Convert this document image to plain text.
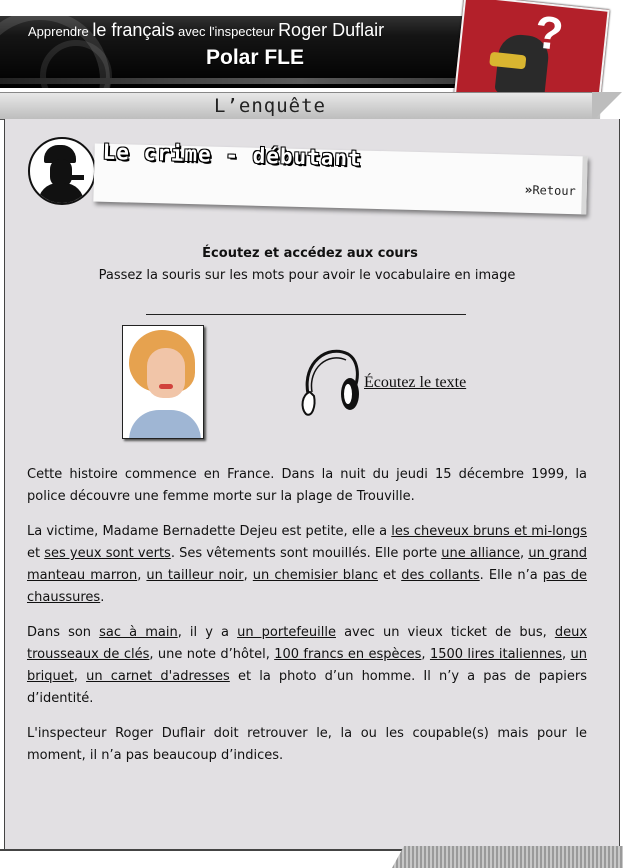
Apprendre le français avec l'inspecteur Roger Duflair
Polar FLE	?
L’enquête
Le crime - débutant
»Retour
Écoutez et accédez aux cours
Passez la souris sur les mots pour avoir le vocabulaire en image
Écoutez le texte

Cette histoire commence en France. Dans la nuit du jeudi 15 décembre 1999, la police découvre une femme morte sur la plage de Trouville.

La victime, Madame Bernadette Dejeu est petite, elle a les cheveux bruns et mi-longs et ses yeux sont verts. Ses vêtements sont mouillés. Elle porte une alliance, un grand manteau marron, un tailleur noir, un chemisier blanc et des collants. Elle n’a pas de chaussures.

Dans son sac à main, il y a un portefeuille avec un vieux ticket de bus, deux trousseaux de clés, une note d’hôtel, 100 francs en espèces, 1500 lires italiennes, un briquet, un carnet d'adresses et la photo d’un homme. Il n’y a pas de papiers d’identité.

L'inspecteur Roger Duflair doit retrouver le, la ou les coupable(s) mais pour le moment, il n’a pas beaucoup d’indices.
